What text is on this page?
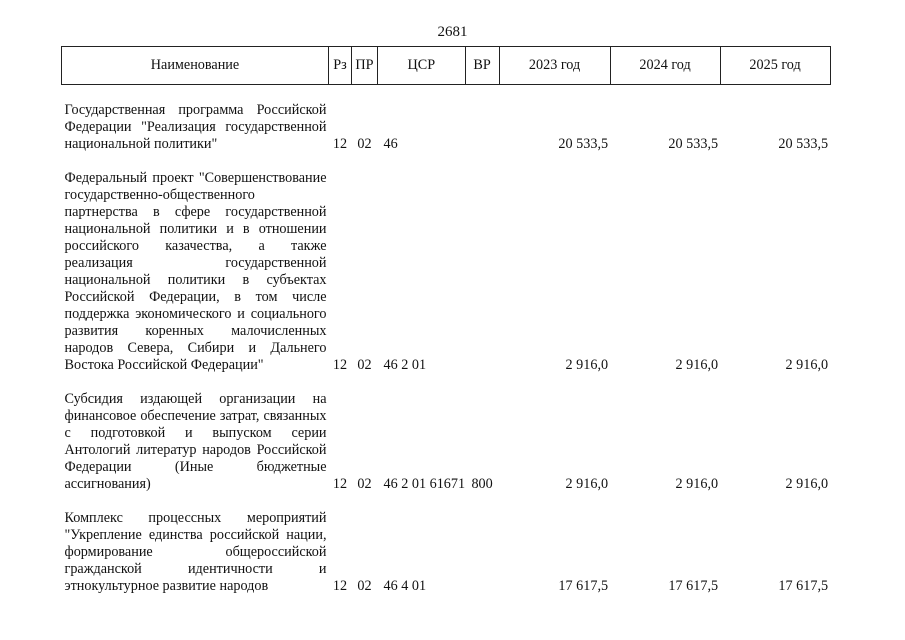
2681
Наименование	Рз	ПР	ЦСР	ВР	2023 год	2024 год	2025 год

Государственная программа Российской Федерации "Реализация государственной национальной политики"	12	02	46		20 533,5	20 533,5	20 533,5

Федеральный проект "Совершенствование государственно-общественного партнерства в сфере государственной национальной политики и в отношении российского казачества, а также реализация государственной национальной политики в субъектах Российской Федерации, в том числе поддержка экономического и социального развития коренных малочисленных народов Севера, Сибири и Дальнего Востока Российской Федерации"	12	02	46 2 01		2 916,0	2 916,0	2 916,0

Субсидия издающей организации на финансовое обеспечение затрат, связанных с подготовкой и выпуском серии Антологий литератур народов Российской Федерации (Иные бюджетные ассигнования)	12	02	46 2 01 61671	800	2 916,0	2 916,0	2 916,0

Комплекс процессных мероприятий "Укрепление единства российской нации, формирование общероссийской гражданской идентичности и этнокультурное развитие народов	12	02	46 4 01		17 617,5	17 617,5	17 617,5
